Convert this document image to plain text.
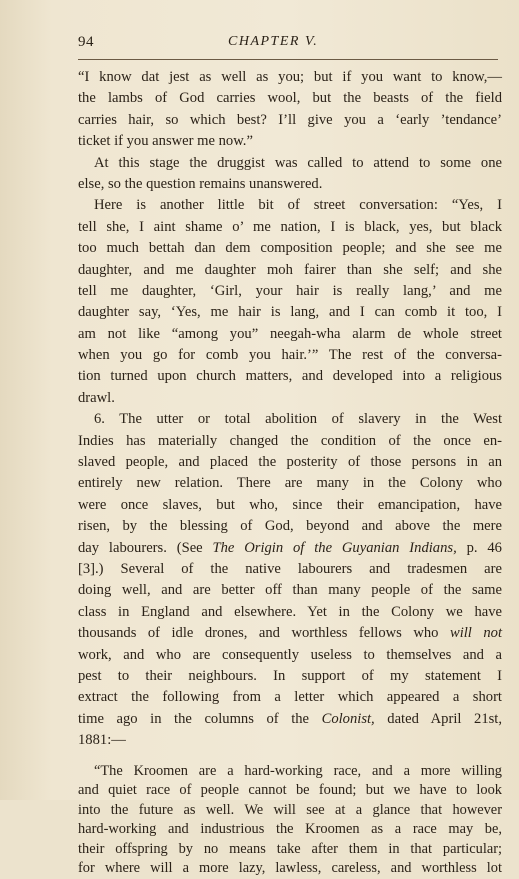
94	CHAPTER V.
“I know dat jest as well as you; but if you want to know,—
the lambs of God carries wool, but the beasts of the field
carries hair, so which best? I’ll give you a ‘early ’tendance’
ticket if you answer me now.”
At this stage the druggist was called to attend to some one
else, so the question remains unanswered.
Here is another little bit of street conversation: “Yes, I
tell she, I aint shame o’ me nation, I is black, yes, but black
too much bettah dan dem composition people; and she see me
daughter, and me daughter moh fairer than she self; and she
tell me daughter, ‘Girl, your hair is really lang,’ and me
daughter say, ‘Yes, me hair is lang, and I can comb it too, I
am not like “among you” neegah-wha alarm de whole street
when you go for comb you hair.’” The rest of the conversa-
tion turned upon church matters, and developed into a religious
drawl.
6. The utter or total abolition of slavery in the West
Indies has materially changed the condition of the once en-
slaved people, and placed the posterity of those persons in an
entirely new relation. There are many in the Colony who
were once slaves, but who, since their emancipation, have
risen, by the blessing of God, beyond and above the mere
day labourers. (See The Origin of the Guyanian Indians, p. 46
[3].) Several of the native labourers and tradesmen are
doing well, and are better off than many people of the same
class in England and elsewhere. Yet in the Colony we have
thousands of idle drones, and worthless fellows who will not
work, and who are consequently useless to themselves and a
pest to their neighbours. In support of my statement I
extract the following from a letter which appeared a short
time ago in the columns of the Colonist, dated April 21st,
1881:—
“The Kroomen are a hard-working race, and a more willing
and quiet race of people cannot be found; but we have to look
into the future as well. We will see at a glance that however
hard-working and industrious the Kroomen as a race may be,
their offspring by no means take after them in that particular;
for where will a more lazy, lawless, careless, and worthless lot
